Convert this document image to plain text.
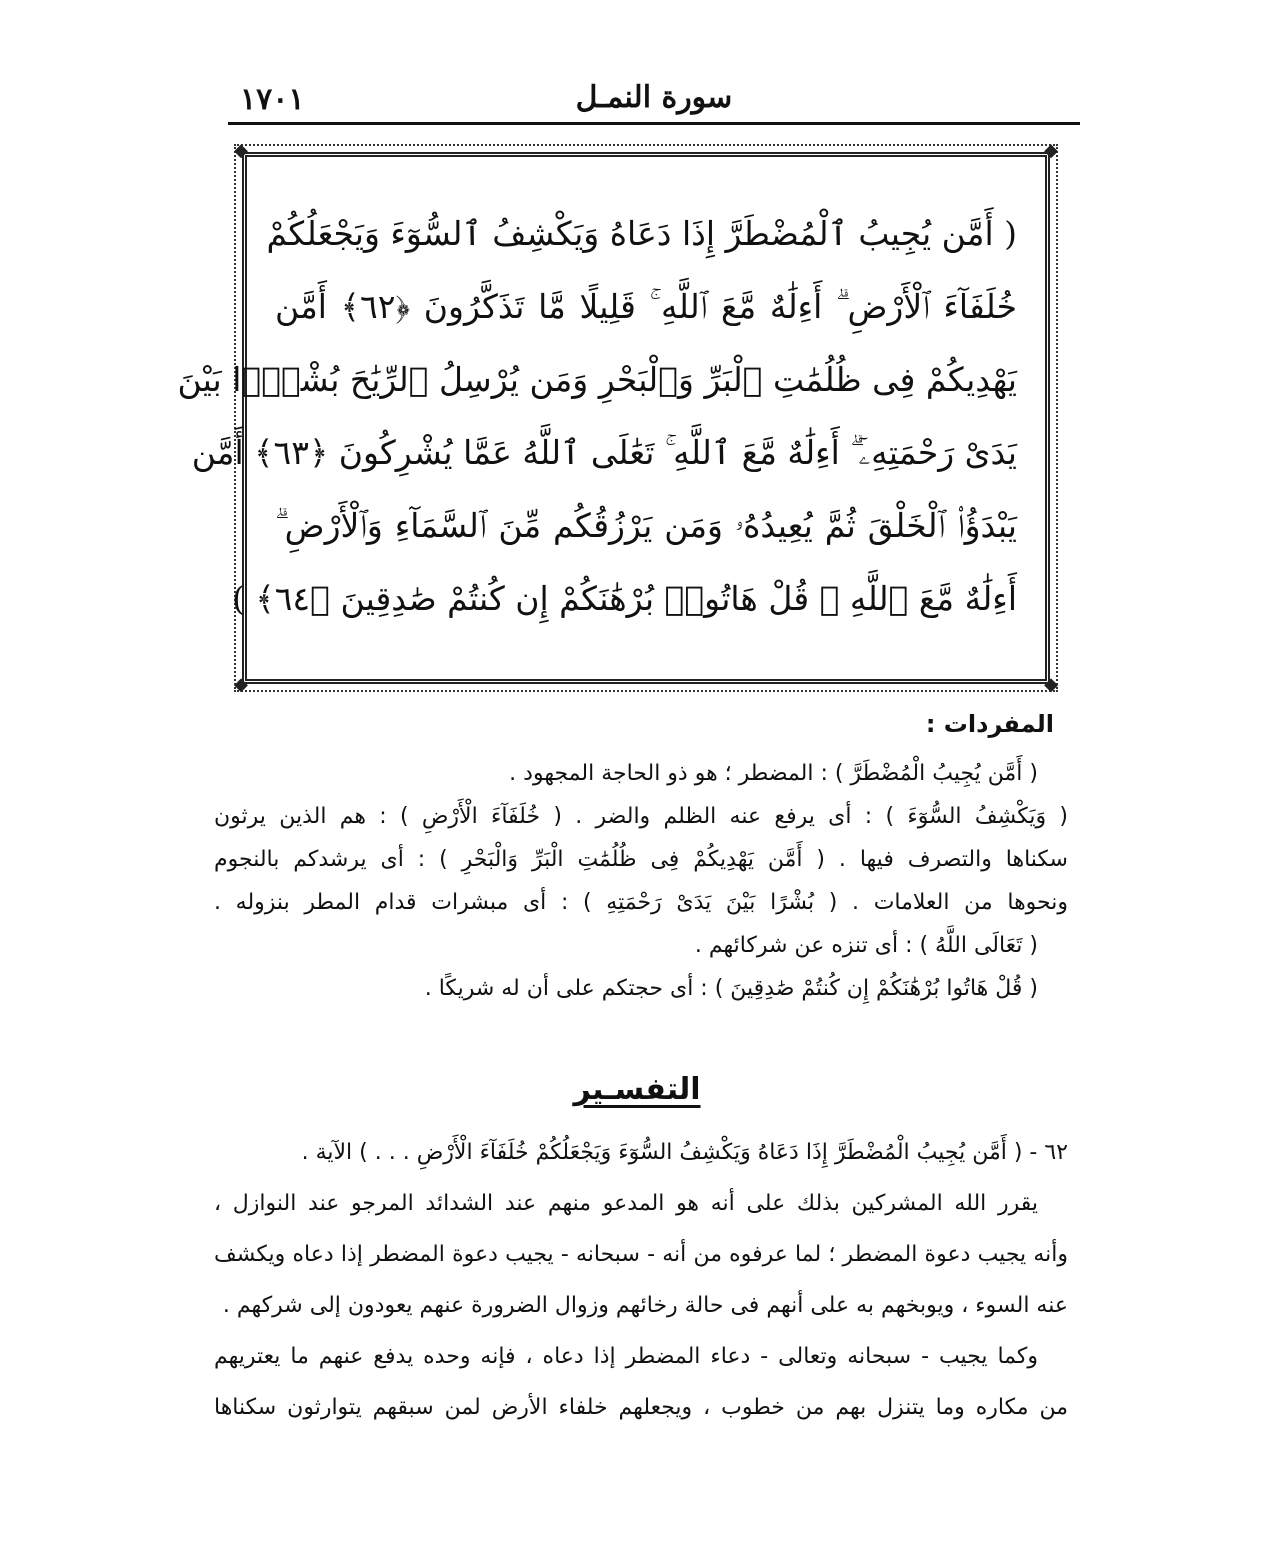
١٧٠١	سورة النمـل
◆	◆
◆	◆
( أَمَّن يُجِيبُ ٱلْمُضْطَرَّ إِذَا دَعَاهُ وَيَكْشِفُ ٱلسُّوٓءَ وَيَجْعَلُكُمْ
خُلَفَآءَ ٱلْأَرْضِ ۗ أَءِلَٰهٌ مَّعَ ٱللَّهِ ۚ قَلِيلًا مَّا تَذَكَّرُونَ ﴿٦٢﴾ أَمَّن
يَهْدِيكُمْ فِى ظُلُمَٰتِ ٱلْبَرِّ وَٱلْبَحْرِ وَمَن يُرْسِلُ ٱلرِّيَٰحَ بُشْرًۢا بَيْنَ
يَدَىْ رَحْمَتِهِۦٓ ۗ أَءِلَٰهٌ مَّعَ ٱللَّهِ ۚ تَعَٰلَى ٱللَّهُ عَمَّا يُشْرِكُونَ ﴿٦٣﴾ أَمَّن
يَبْدَؤُا۟ ٱلْخَلْقَ ثُمَّ يُعِيدُهُۥ وَمَن يَرْزُقُكُم مِّنَ ٱلسَّمَآءِ وَٱلْأَرْضِ ۗ
أَءِلَٰهٌ مَّعَ ٱللَّهِ ۚ قُلْ هَاتُوا۟ بُرْهَٰنَكُمْ إِن كُنتُمْ صَٰدِقِينَ ﴿٦٤﴾ )
المفردات :
( أَمَّن يُجِيبُ الْمُضْطَرَّ ) : المضطر ؛ هو ذو الحاجة المجهود .
( وَيَكْشِفُ السُّوٓءَ ) : أى يرفع عنه الظلم والضر . ( خُلَفَآءَ الْأَرْضِ ) : هم الذين يرثون
سكناها والتصرف فيها . ( أَمَّن يَهْدِيكُمْ فِى ظُلُمَٰتِ الْبَرِّ وَالْبَحْرِ ) : أى يرشدكم بالنجوم
ونحوها من العلامات . ( بُشْرًا بَيْنَ يَدَىْ رَحْمَتِهِ ) : أى مبشرات قدام المطر بنزوله .
( تَعَالَى اللَّهُ ) : أى تنزه عن شركائهم .
( قُلْ هَاتُوا بُرْهَٰنَكُمْ إِن كُنتُمْ صَٰدِقِينَ ) : أى حجتكم على أن له شريكًا .
التفسـير
٦٢ - ( أَمَّن يُجِيبُ الْمُضْطَرَّ إِذَا دَعَاهُ وَيَكْشِفُ السُّوٓءَ وَيَجْعَلُكُمْ خُلَفَآءَ الْأَرْضِ . . . ) الآية .
يقرر الله المشركين بذلك على أنه هو المدعو منهم عند الشدائد المرجو عند النوازل ،
وأنه يجيب دعوة المضطر ؛ لما عرفوه من أنه - سبحانه - يجيب دعوة المضطر إذا دعاه ويكشف
عنه السوء ، ويوبخهم به على أنهم فى حالة رخائهم وزوال الضرورة عنهم يعودون إلى شركهم .
وكما يجيب - سبحانه وتعالى - دعاء المضطر إذا دعاه ، فإنه وحده يدفع عنهم ما يعتريهم
من مكاره وما يتنزل بهم من خطوب ، ويجعلهم خلفاء الأرض لمن سبقهم يتوارثون سكناها
